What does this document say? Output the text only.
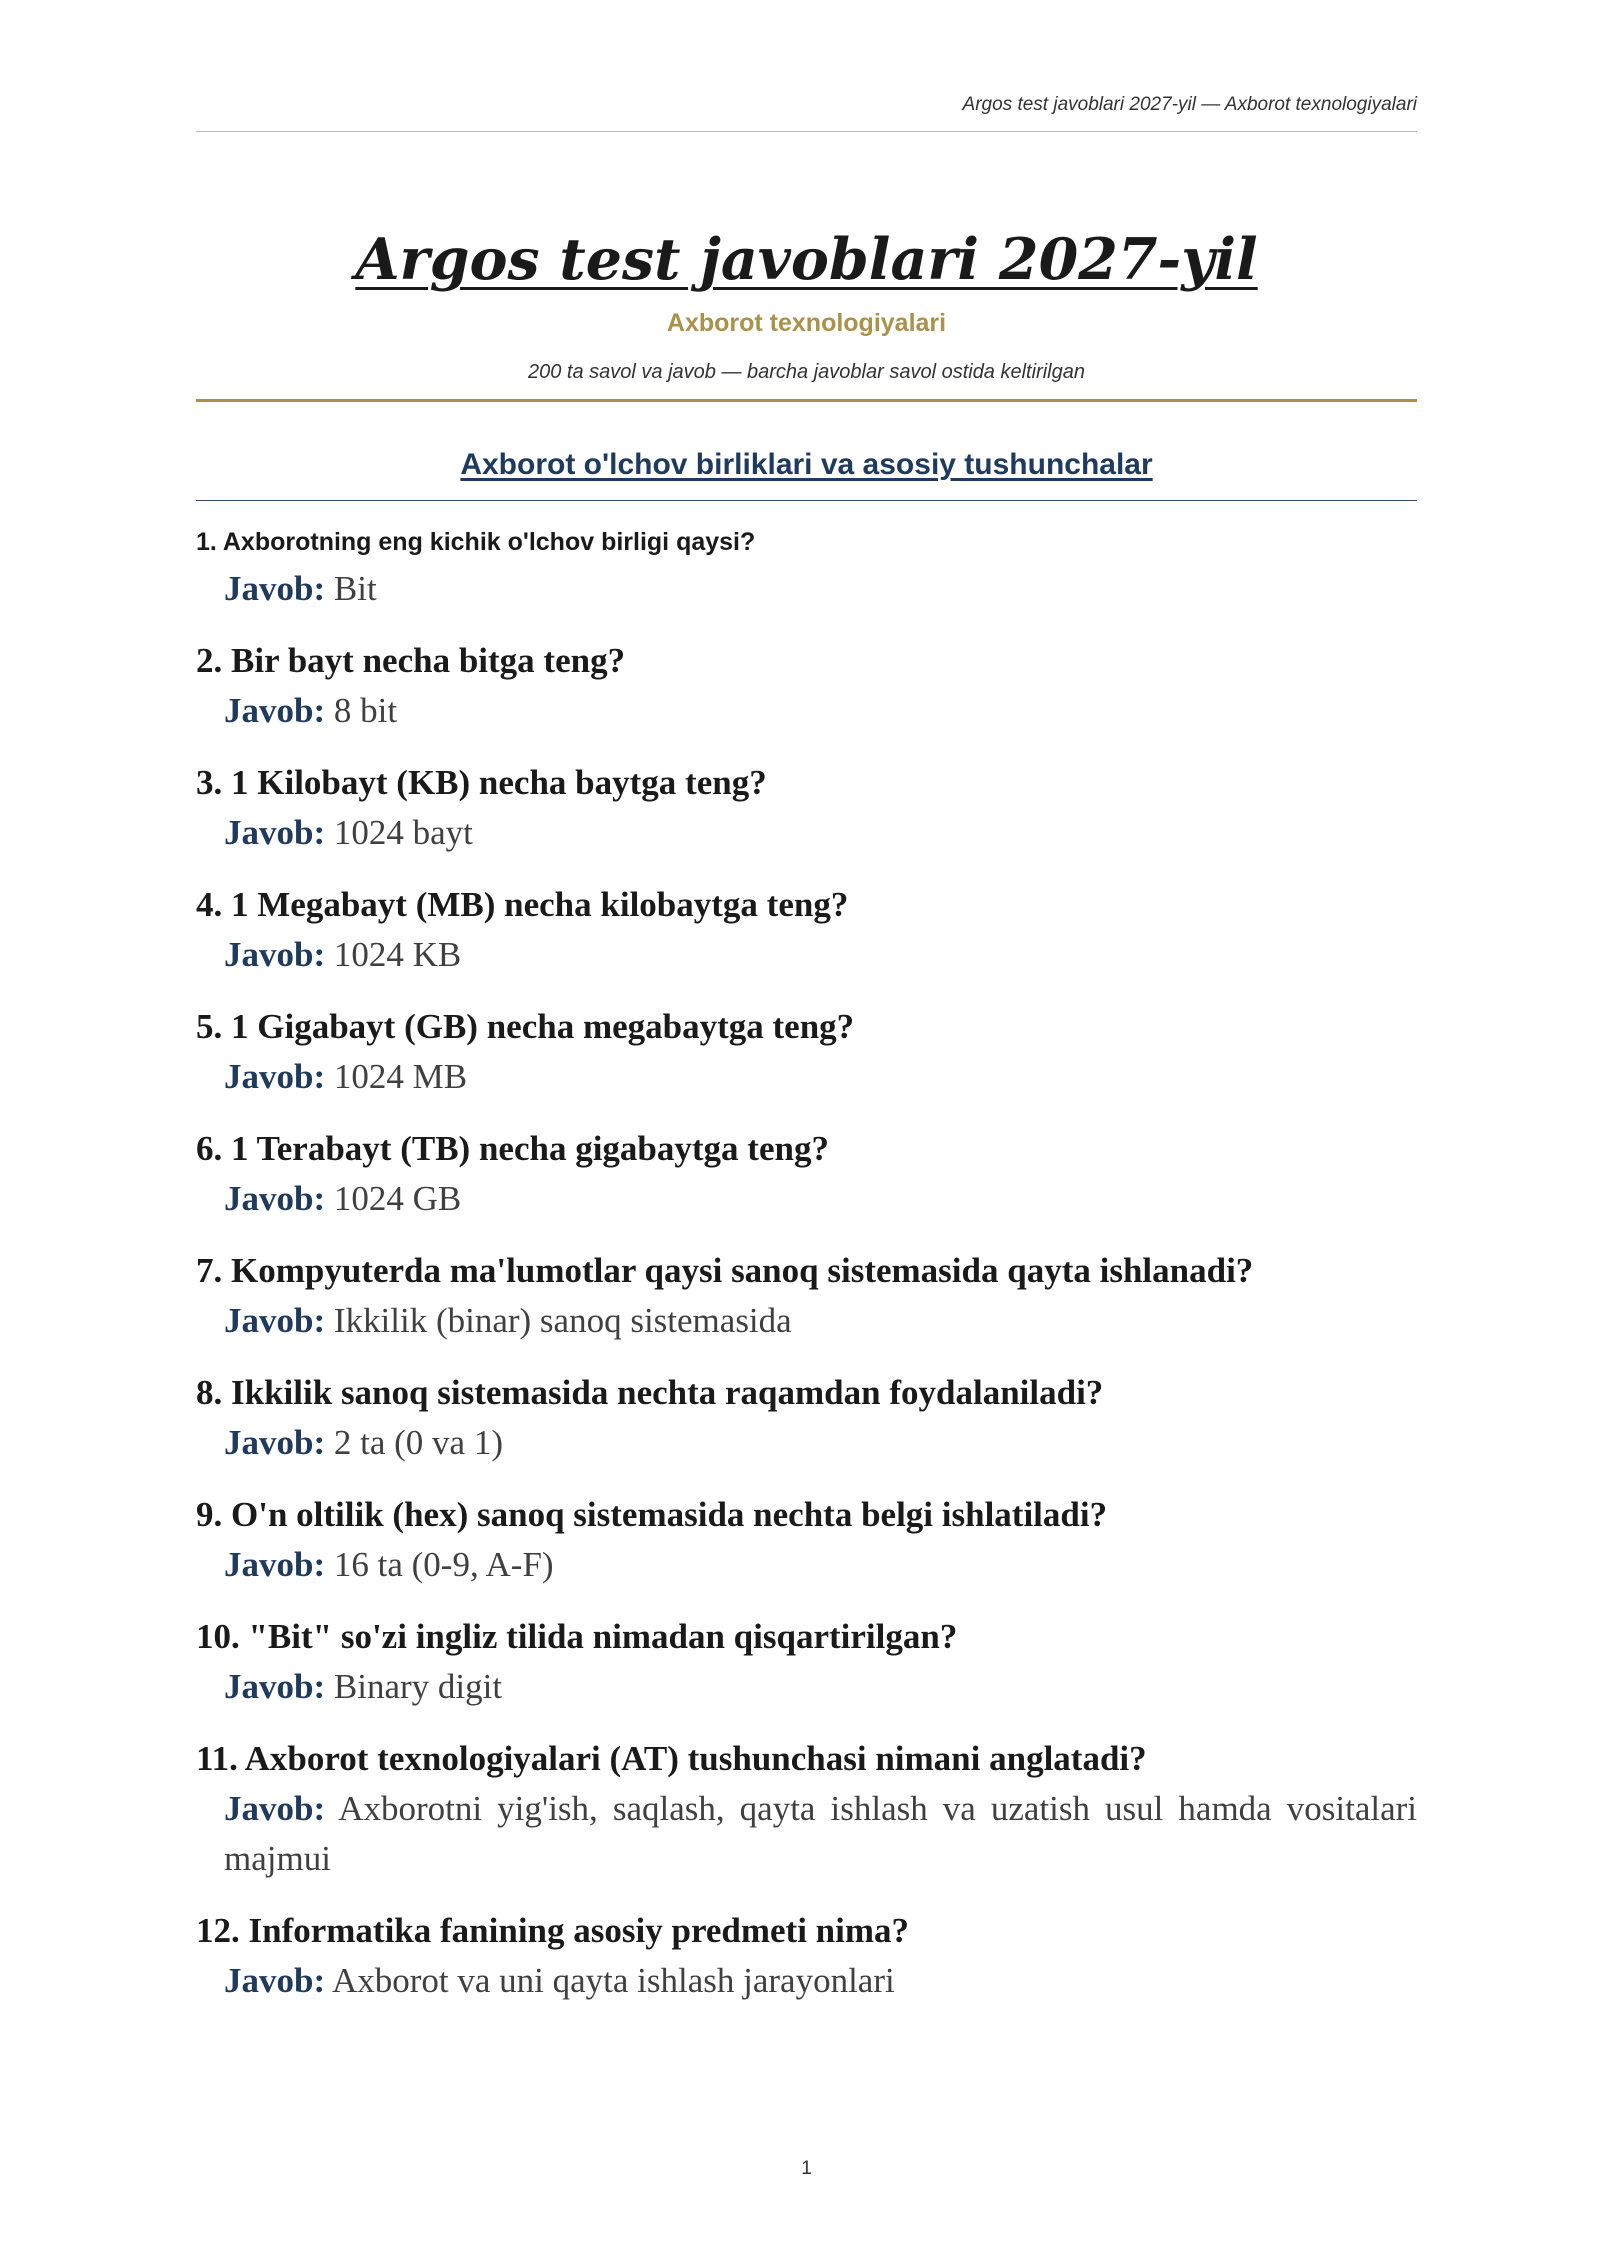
Argos test javoblari 2027-yil — Axborot texnologiyalari
Argos test javoblari 2027-yil
Axborot texnologiyalari
200 ta savol va javob — barcha javoblar savol ostida keltirilgan
Axborot o'lchov birliklari va asosiy tushunchalar
1. Axborotning eng kichik o'lchov birligi qaysi?
Javob: Bit
2. Bir bayt necha bitga teng?
Javob: 8 bit
3. 1 Kilobayt (KB) necha baytga teng?
Javob: 1024 bayt
4. 1 Megabayt (MB) necha kilobaytga teng?
Javob: 1024 KB
5. 1 Gigabayt (GB) necha megabaytga teng?
Javob: 1024 MB
6. 1 Terabayt (TB) necha gigabaytga teng?
Javob: 1024 GB
7. Kompyuterda ma'lumotlar qaysi sanoq sistemasida qayta ishlanadi?
Javob: Ikkilik (binar) sanoq sistemasida
8. Ikkilik sanoq sistemasida nechta raqamdan foydalaniladi?
Javob: 2 ta (0 va 1)
9. O'n oltilik (hex) sanoq sistemasida nechta belgi ishlatiladi?
Javob: 16 ta (0-9, A-F)
10. "Bit" so'zi ingliz tilida nimadan qisqartirilgan?
Javob: Binary digit
11. Axborot texnologiyalari (AT) tushunchasi nimani anglatadi?
Javob: Axborotni yig'ish, saqlash, qayta ishlash va uzatish usul hamda vositalari majmui
12. Informatika fanining asosiy predmeti nima?
Javob: Axborot va uni qayta ishlash jarayonlari
1
